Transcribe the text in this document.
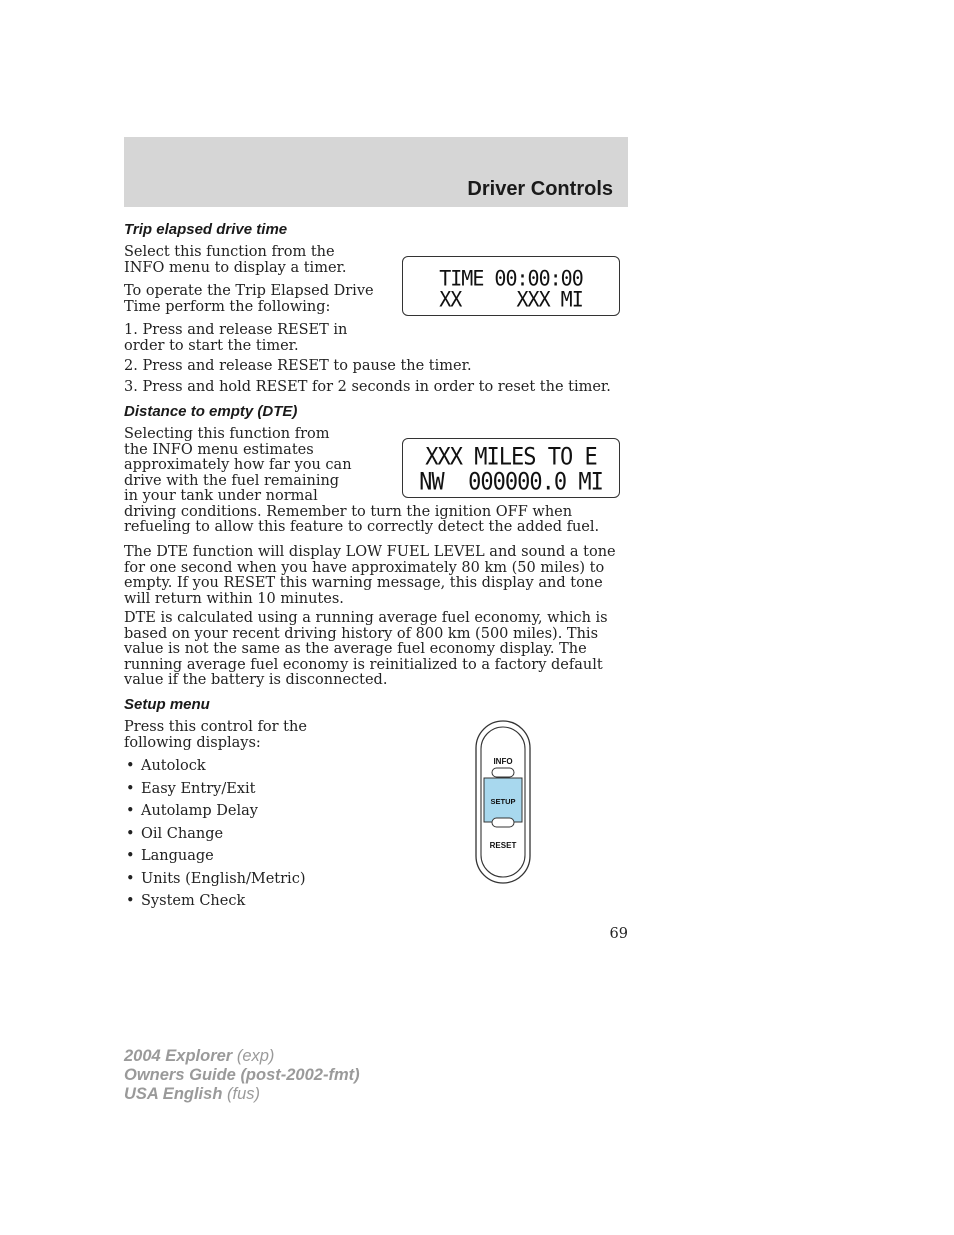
Driver Controls
Trip elapsed drive time

Select this function from the INFO menu to display a timer.

To operate the Trip Elapsed Drive Time perform the following:

1. Press and release RESET in order to start the timer.

2. Press and release RESET to pause the timer.

3. Press and hold RESET for 2 seconds in order to reset the timer.

TIME 00:00:00
XX     XXX MI
Distance to empty (DTE)
XXX MILES TO E
NW  000000.0 MI
Selecting this function from the INFO menu estimates approximately how far you can drive with the fuel remaining in your tank under normal driving conditions. Remember to turn the ignition OFF when refueling to allow this feature to correctly detect the added fuel.

The DTE function will display LOW FUEL LEVEL and sound a tone for one second when you have approximately 80 km (50 miles) to empty. If you RESET this warning message, this display and tone will return within 10 minutes.

DTE is calculated using a running average fuel economy, which is based on your recent driving history of 800 km (500 miles). This value is not the same as the average fuel economy display. The running average fuel economy is reinitialized to a factory default value if the battery is disconnected.

Setup menu

Press this control for the following displays:

• Autolock
• Easy Entry/Exit
• Autolamp Delay
• Oil Change
• Language
• Units (English/Metric)
• System Check
INFO
SETUP
RESET
69
2004 Explorer (exp)
Owners Guide (post-2002-fmt)
USA English (fus)
